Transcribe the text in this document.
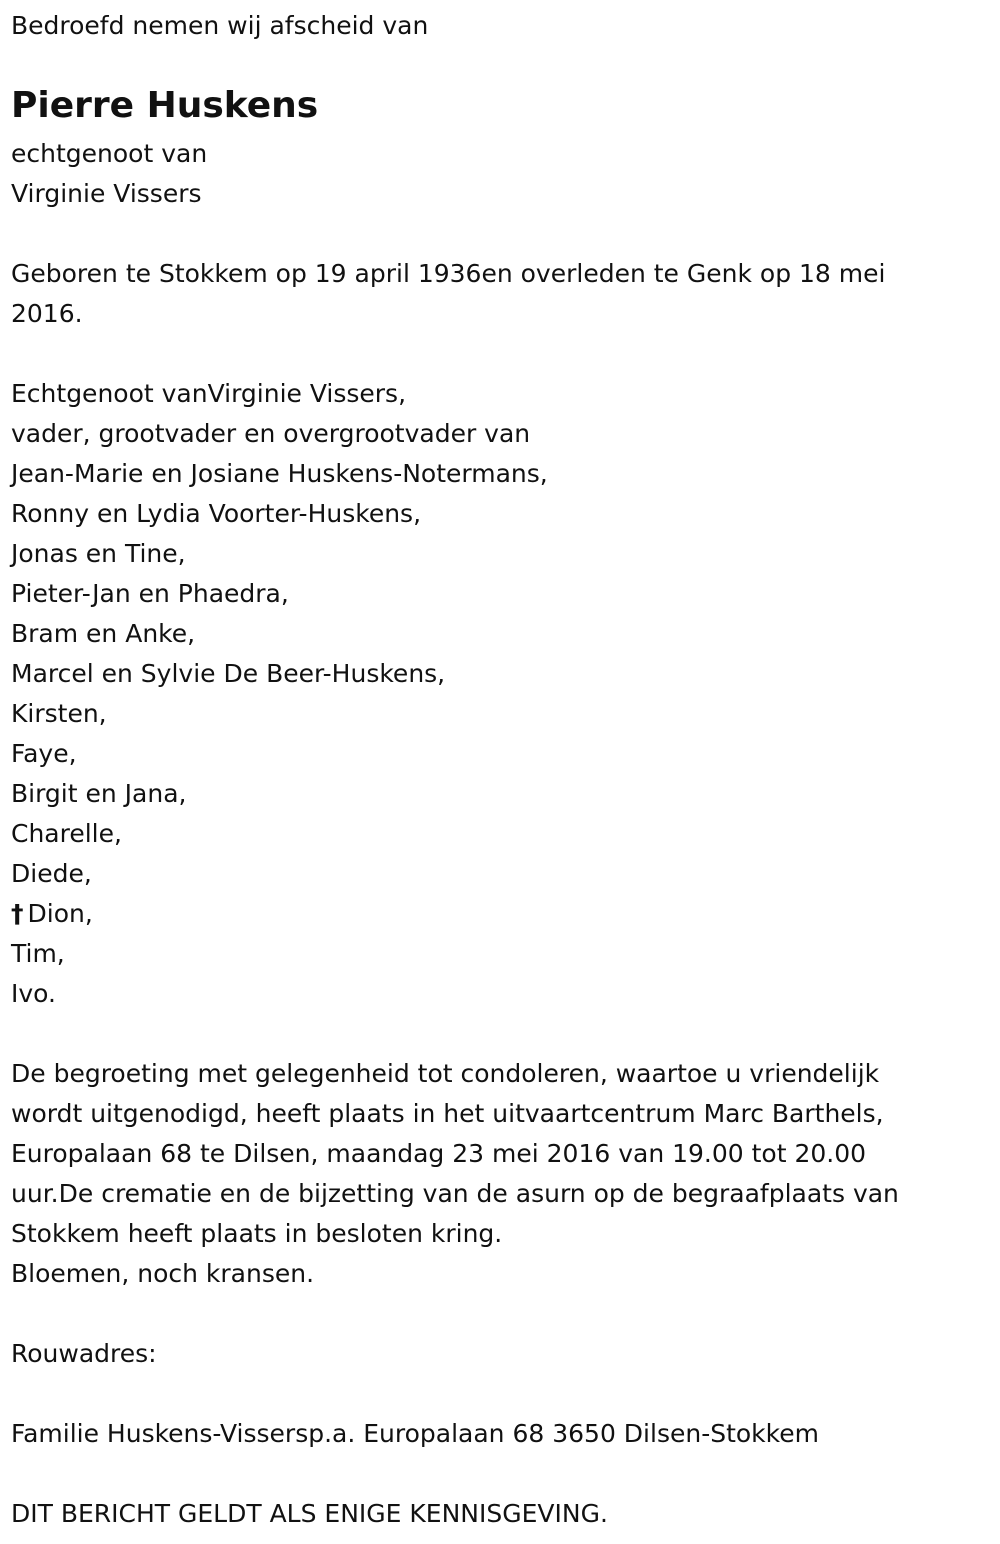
Bedroefd nemen wij afscheid van

Pierre Huskens

echtgenoot van

Virginie Vissers

Geboren te Stokkem op 19 april 1936en overleden te Genk op 18 mei

2016.

Echtgenoot vanVirginie Vissers,

vader, grootvader en overgrootvader van

Jean-Marie en Josiane Huskens-Notermans,

Ronny en Lydia Voorter-Huskens,

Jonas en Tine,

Pieter-Jan en Phaedra,

Bram en Anke,

Marcel en Sylvie De Beer-Huskens,

Kirsten,

Faye,

Birgit en Jana,

Charelle,

Diede,

† Dion,

Tim,

Ivo.

De begroeting met gelegenheid tot condoleren, waartoe u vriendelijk

wordt uitgenodigd, heeft plaats in het uitvaartcentrum Marc Barthels,

Europalaan 68 te Dilsen, maandag 23 mei 2016 van 19.00 tot 20.00

uur.De crematie en de bijzetting van de asurn op de begraafplaats van

Stokkem heeft plaats in besloten kring.

Bloemen, noch kransen.

Rouwadres:

Familie Huskens-Vissersp.a. Europalaan 68 3650 Dilsen-Stokkem

DIT BERICHT GELDT ALS ENIGE KENNISGEVING.
